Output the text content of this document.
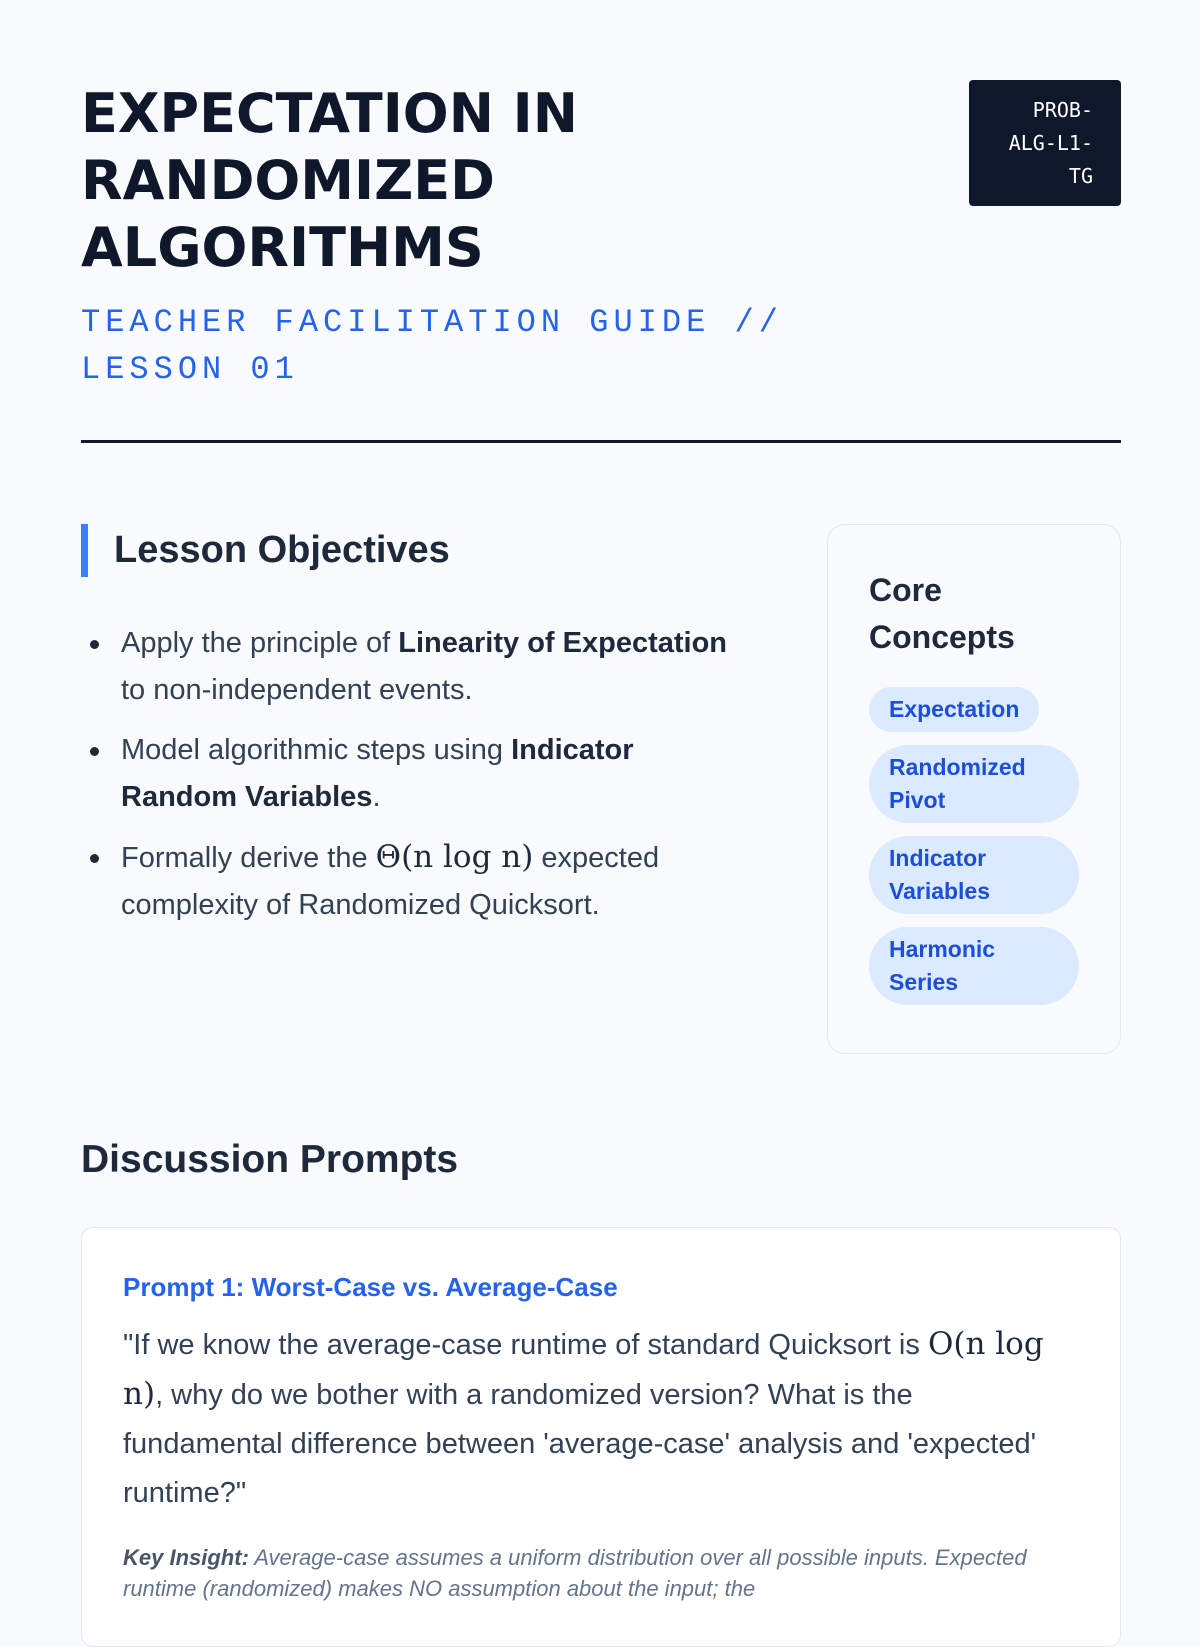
EXPECTATION IN RANDOMIZED ALGORITHMS
TEACHER FACILITATION GUIDE // LESSON 01
PROB-
ALG-L1-
TG
Lesson Objectives
Apply the principle of Linearity of Expectation to non-independent events.
Model algorithmic steps using Indicator Random Variables.
Formally derive the Θ(n log n) expected complexity of Randomized Quicksort.
Core Concepts
Expectation
Randomized Pivot
Indicator Variables
Harmonic Series
Discussion Prompts
Prompt 1: Worst-Case vs. Average-Case

"If we know the average-case runtime of standard Quicksort is O(n log n), why do we bother with a randomized version? What is the fundamental difference between 'average-case' analysis and 'expected' runtime?"

Key Insight: Average-case assumes a uniform distribution over all possible inputs. Expected runtime (randomized) makes NO assumption about the input; the
